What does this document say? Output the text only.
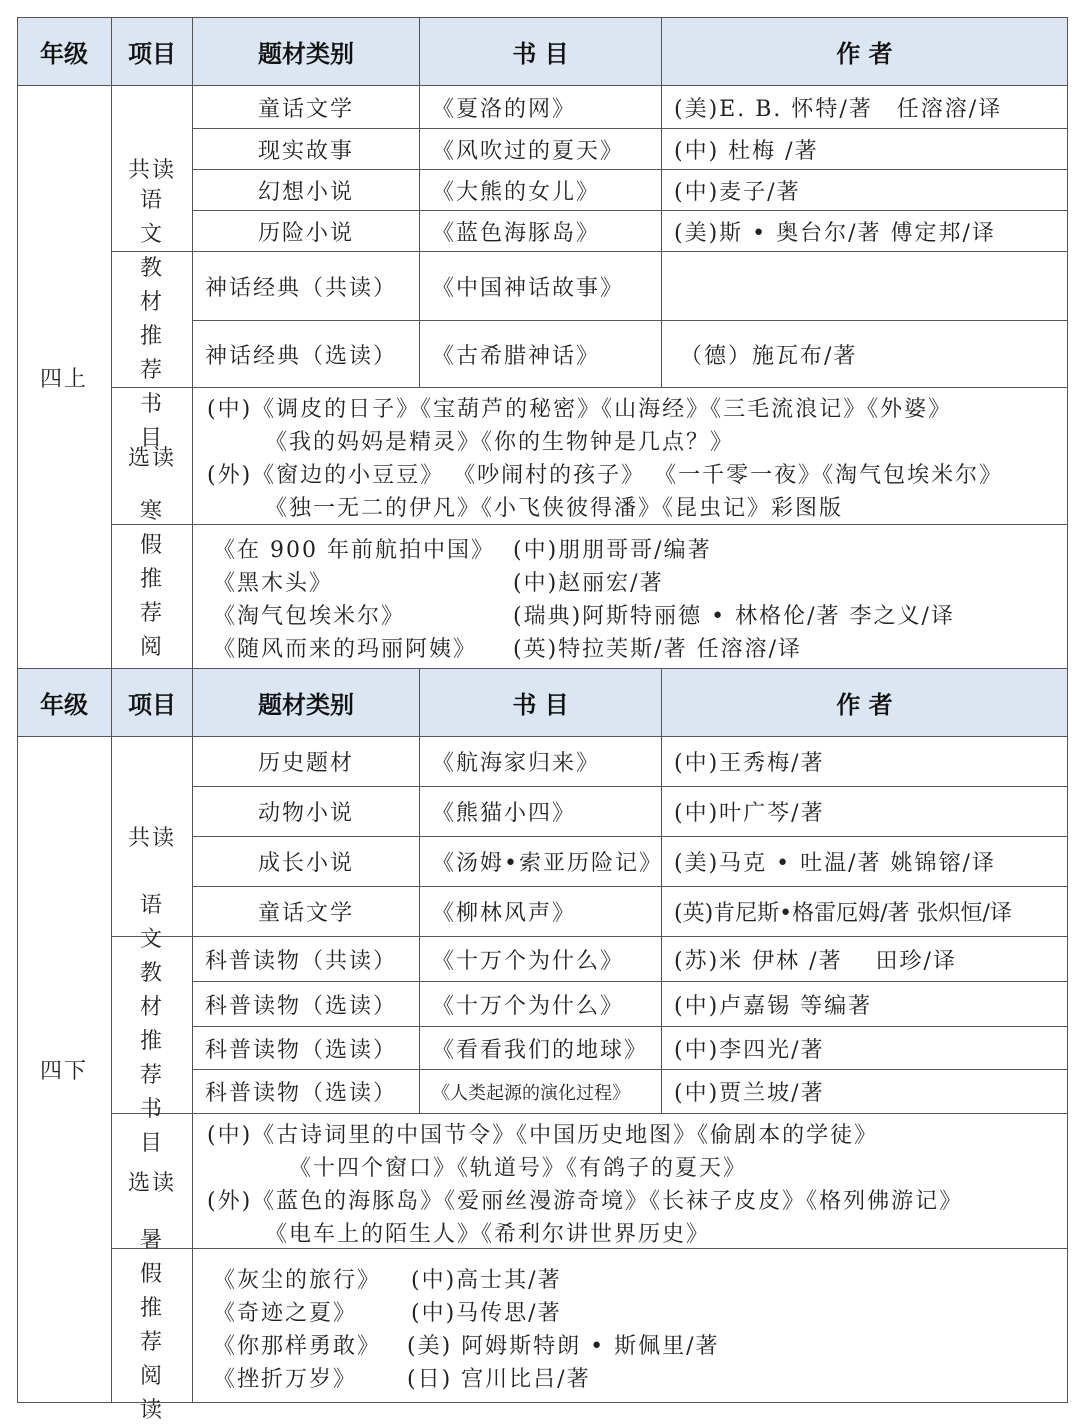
年级	项目	题材类别	书 目	作 者
四上
共读
童话文学	《夏洛的网》	(美)E. B. 怀特/著　任溶溶/译
现实故事	《风吹过的夏天》	(中) 杜梅 /著
幻想小说	《大熊的女儿》	(中)麦子/著
历险小说	《蓝色海豚岛》	(美)斯 • 奥台尔/著 傅定邦/译
语文教材推荐书目
神话经典（共读）	《中国神话故事》
神话经典（选读）	《古希腊神话》	（德）施瓦布/著
选读
(中)《调皮的日子》《宝葫芦的秘密》《山海经》《三毛流浪记》《外婆》
《我的妈妈是精灵》《你的生物钟是几点？》
(外)《窗边的小豆豆》 《吵闹村的孩子》 《一千零一夜》《淘气包埃米尔》
《独一无二的伊凡》《小飞侠彼得潘》《昆虫记》彩图版
寒假推荐阅
《在 900 年前航拍中国》 (中)朋朋哥哥/编著
《黑木头》	(中)赵丽宏/著
《淘气包埃米尔》	(瑞典)阿斯特丽德 • 林格伦/著 李之义/译
《随风而来的玛丽阿姨》 (英)特拉芙斯/著 任溶溶/译
年级	项目	题材类别	书 目	作 者
四下
共读
历史题材	《航海家归来》	(中)王秀梅/著
动物小说	《熊猫小四》	(中)叶广芩/著
成长小说	《汤姆•索亚历险记》 (美)马克 • 吐温/著 姚锦镕/译
童话文学	《柳林风声》	(英)肯尼斯•格雷厄姆/著 张炽恒/译
语文教材推荐书目
科普读物（共读）	《十万个为什么》	(苏)米 伊林 /著　 田珍/译
科普读物（选读）	《十万个为什么》	(中)卢嘉锡 等编著
科普读物（选读）	《看看我们的地球》	(中)李四光/著
科普读物（选读）	《人类起源的演化过程》	(中)贾兰坡/著
选读
(中)《古诗词里的中国节令》《中国历史地图》《偷剧本的学徒》
《十四个窗口》《轨道号》《有鸽子的夏天》
(外)《蓝色的海豚岛》《爱丽丝漫游奇境》《长袜子皮皮》《格列佛游记》
《电车上的陌生人》《希利尔讲世界历史》
暑假推荐阅读
《灰尘的旅行》 (中)高士其/著
《奇迹之夏》 (中)马传思/著
《你那样勇敢》 (美) 阿姆斯特朗 • 斯佩里/著
《挫折万岁》 (日) 宫川比吕/著
